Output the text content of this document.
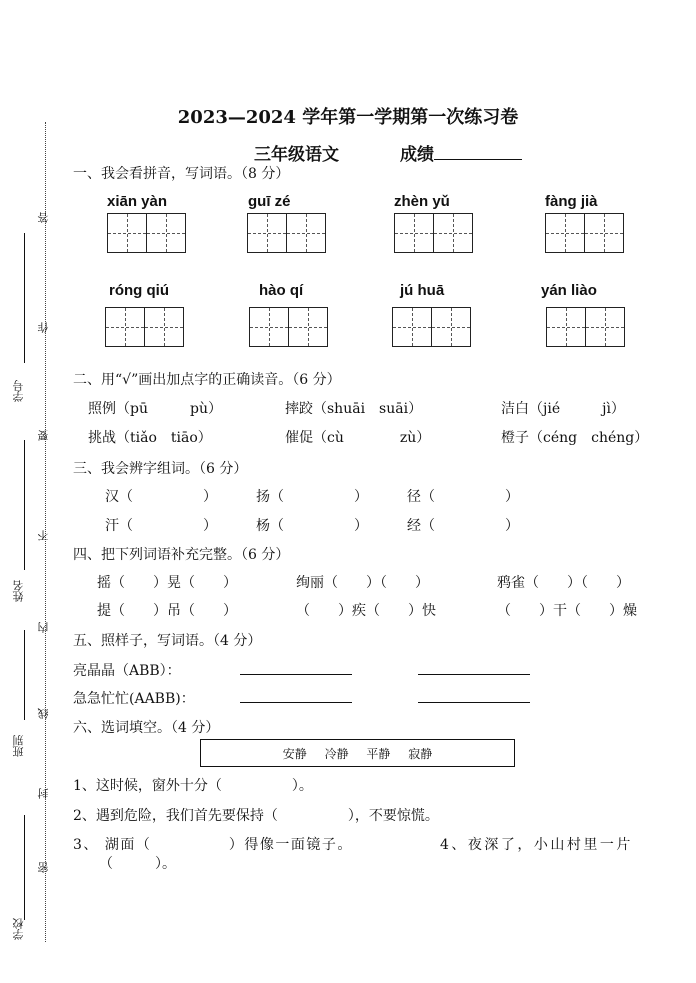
学号
姓名
班别
学校
答
作
要
不
内
线
封
密
2023—2024 学年第一学期第一次练习卷
三年级语文	成绩
一、我会看拼音，写词语。（8 分）
xiān yàn	guī zé	zhèn yǔ	fàng jià
róng qiú	hào qí	jú huā	yán liào
二、用“√”画出加点字的正确读音。（6 分）
照例（pū　　　pù）	摔跤（shuāi　suāi）	洁白（jié　　　jì）
挑战（tiǎo　tiāo）	催促（cù　　　　zù）	橙子（céng　chéng）
三、我会辨字组词。（6 分）
汉（　　　　　）	扬（　　　　　）	径（　　　　　）
汗（　　　　　）	杨（　　　　　）	经（　　　　　）
四、把下列词语补充完整。（6 分）
摇（　　）晃（　　）	绚丽（　　）（　　）	鸦雀（　　）（　　）
提（　　）吊（　　）	（　　）疾（　　）快	（　　）干（　　）燥
五、照样子，写词语。（4 分）
亮晶晶（ABB）：
急急忙忙(AABB)：
六、选词填空。（4 分）
安静 冷静 平静 寂静
1、这时候，窗外十分（　　　　　）。
2、遇到危险，我们首先要保持（　　　　　），不要惊慌。
3、 湖面（　　　　　）得像一面镜子。	4、夜深了，小山村里一片
（　　　）。
